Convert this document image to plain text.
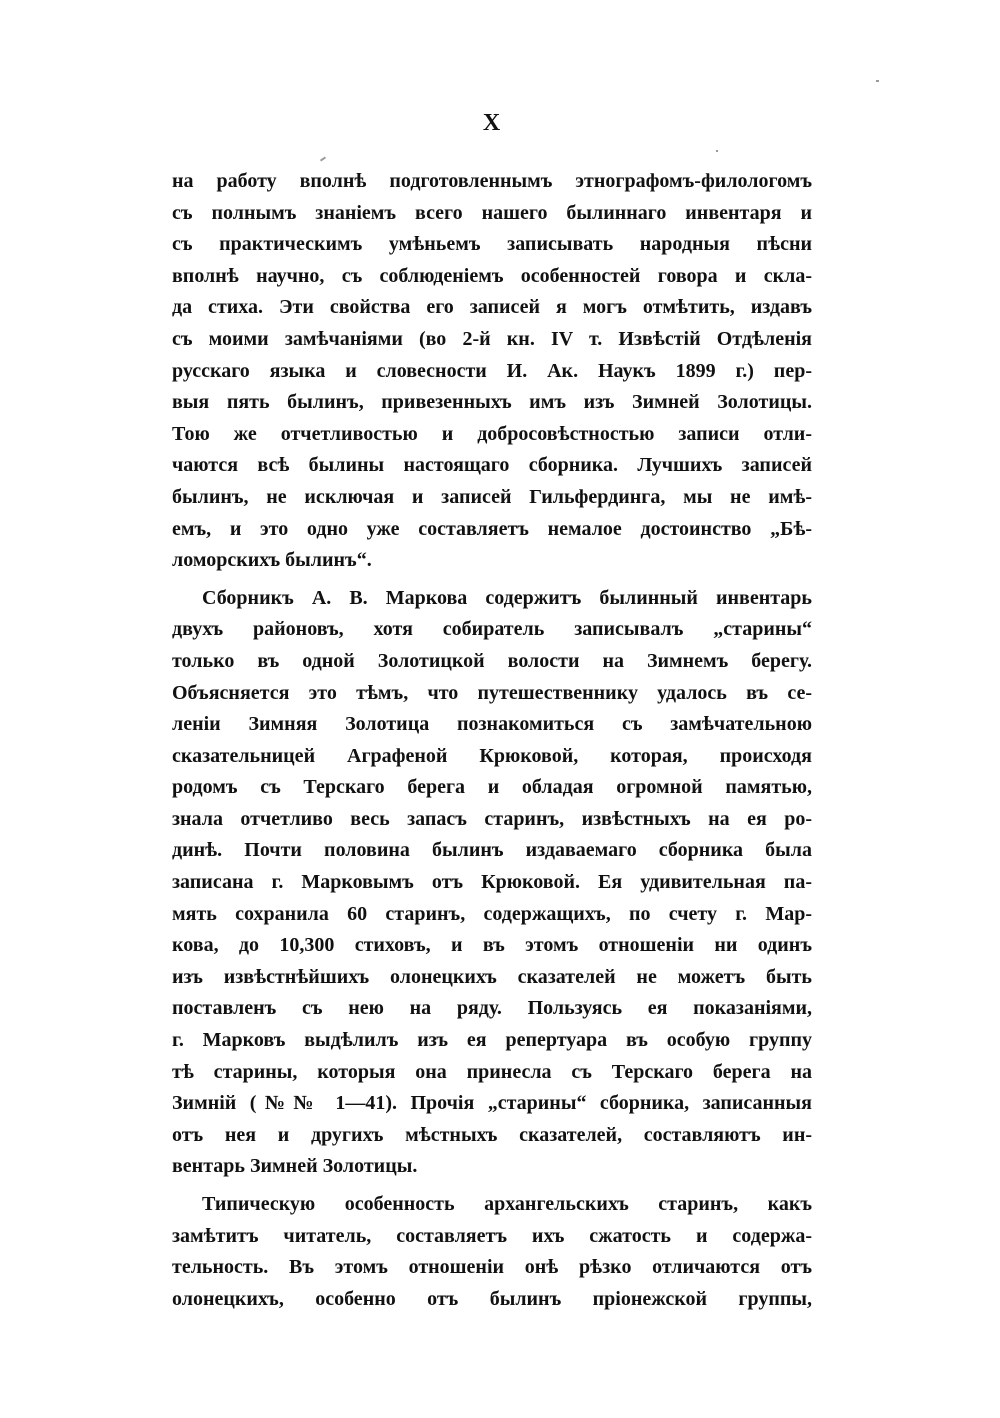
X
на работу вполнѣ подготовленнымъ этнографомъ-филологомъ
съ полнымъ знаніемъ всего нашего былиннаго инвентаря и
съ практическимъ умѣньемъ записывать народныя пѣсни
вполнѣ научно, съ соблюденіемъ особенностей говора и скла-
да стиха. Эти свойства его записей я могъ отмѣтить, издавъ
съ моими замѣчаніями (во 2-й кн. IV т. Извѣстій Отдѣленія
русскаго языка и словесности И. Ак. Наукъ 1899 г.) пер-
выя пять былинъ, привезенныхъ имъ изъ Зимней Золотицы.
Тою же отчетливостью и добросовѣстностью записи отли-
чаются всѣ былины настоящаго сборника. Лучшихъ записей
былинъ, не исключая и записей Гильфердинга, мы не имѣ-
емъ, и это одно уже составляетъ немалое достоинство „Бѣ-
ломорскихъ былинъ“.
Сборникъ А. В. Маркова содержитъ былинный инвентарь
двухъ районовъ, хотя собиратель записывалъ „старины“
только въ одной Золотицкой волости на Зимнемъ берегу.
Объясняется это тѣмъ, что путешественнику удалось въ се-
леніи Зимняя Золотица познакомиться съ замѣчательною
сказательницей Аграфеной Крюковой, которая, происходя
родомъ съ Терскаго берега и обладая огромной памятью,
знала отчетливо весь запасъ старинъ, извѣстныхъ на ея ро-
динѣ. Почти половина былинъ издаваемаго сборника была
записана г. Марковымъ отъ Крюковой. Ея удивительная па-
мять сохранила 60 старинъ, содержащихъ, по счету г. Мар-
кова, до 10,300 стиховъ, и въ этомъ отношеніи ни одинъ
изъ извѣстнѣйшихъ олонецкихъ сказателей не можетъ быть
поставленъ съ нею на ряду. Пользуясь ея показаніями,
г. Марковъ выдѣлилъ изъ ея репертуара въ особую группу
тѣ старины, которыя она принесла съ Терскаго берега на
Зимній (№№ 1—41). Прочія „старины“ сборника, записанныя
отъ нея и другихъ мѣстныхъ сказателей, составляютъ ин-
вентарь Зимней Золотицы.
Типическую особенность архангельскихъ старинъ, какъ
замѣтитъ читатель, составляетъ ихъ сжатость и содержа-
тельность. Въ этомъ отношеніи онѣ рѣзко отличаются отъ
олонецкихъ, особенно отъ былинъ пріонежской группы,
